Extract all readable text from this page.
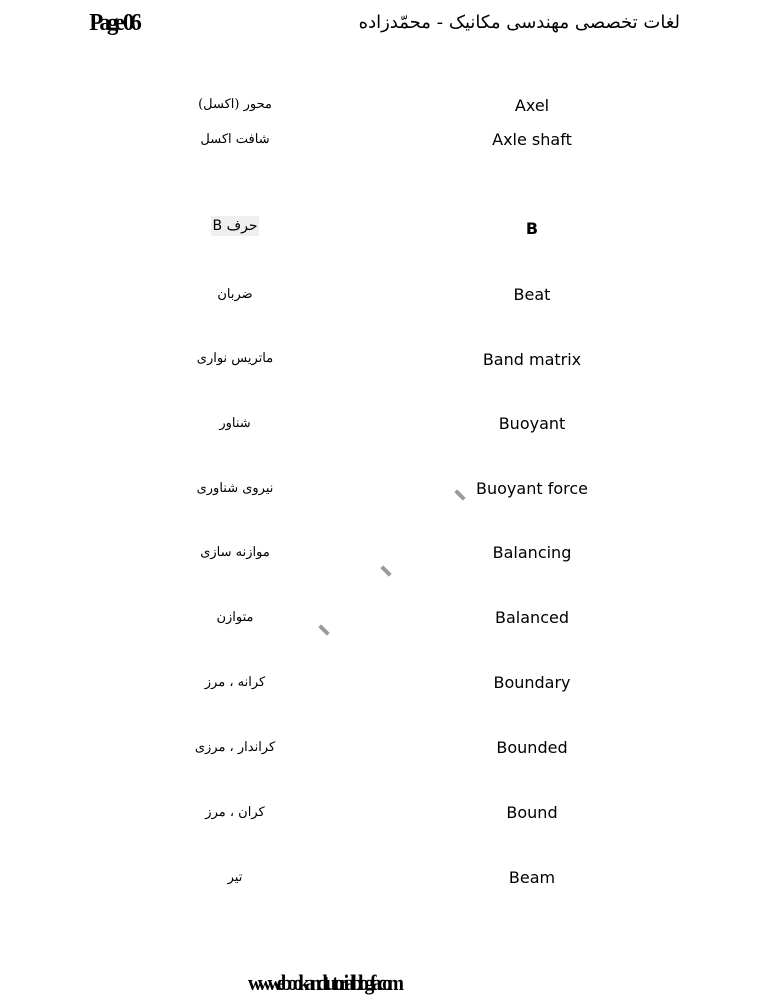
Page 06	لغات تخصصی مهندسی مکانیک - محمّدزاده
Axel
محور (اکسل)
Axle shaft
شافت اکسل
B
حرف B
Beat
ضربان
Band matrix
ماتریس نواری
Buoyant
شناور
Buoyant force
نیروی شناوری
Balancing
موازنه سازی
Balanced
متوازن
Boundary
کرانه ، مرز
Bounded
کراندار ، مرزی
Bound
کران ، مرز
Beam
تیر
www.ebookandtutorial.blogfa.com
